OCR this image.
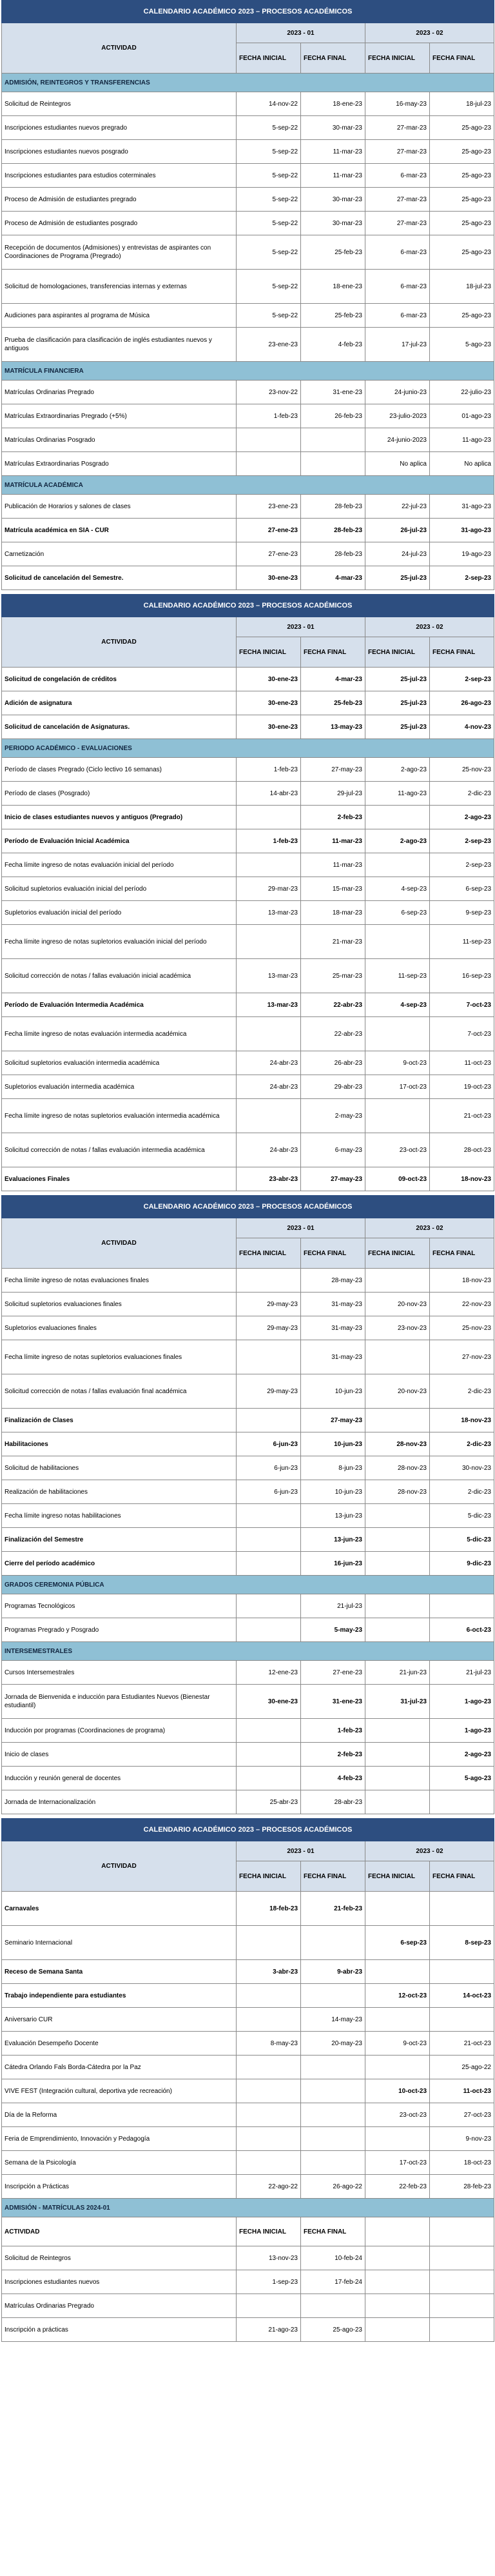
CALENDARIO ACADÉMICO 2023 – PROCESOS ACADÉMICOS				
ACTIVIDAD	2023 - 01		2023 - 02	
	FECHA INICIAL	FECHA FINAL	FECHA INICIAL	FECHA FINAL
ADMISIÓN, REINTEGROS Y TRANSFERENCIAS				
Solicitud de Reintegros	14-nov-22	18-ene-23	16-may-23	18-jul-23
Inscripciones estudiantes nuevos pregrado	5-sep-22	30-mar-23	27-mar-23	25-ago-23
Inscripciones estudiantes nuevos posgrado	5-sep-22	11-mar-23	27-mar-23	25-ago-23
Inscripciones estudiantes para estudios coterminales	5-sep-22	11-mar-23	6-mar-23	25-ago-23
Proceso de Admisión de estudiantes pregrado	5-sep-22	30-mar-23	27-mar-23	25-ago-23
Proceso de Admisión de estudiantes posgrado	5-sep-22	30-mar-23	27-mar-23	25-ago-23
Recepción de documentos (Admisiones) y entrevistas de aspirantes con Coordinaciones de Programa (Pregrado)	5-sep-22	25-feb-23	6-mar-23	25-ago-23
Solicitud de homologaciones, transferencias internas y externas	5-sep-22	18-ene-23	6-mar-23	18-jul-23
Audiciones para aspirantes al programa de Música	5-sep-22	25-feb-23	6-mar-23	25-ago-23
Prueba de clasificación para clasificación de inglés estudiantes nuevos y antiguos	23-ene-23	4-feb-23	17-jul-23	5-ago-23
MATRÍCULA FINANCIERA				
Matrículas Ordinarias Pregrado	23-nov-22	31-ene-23	24-junio-23	22-julio-23
Matrículas Extraordinarias Pregrado (+5%)	1-feb-23	26-feb-23	23-julio-2023	01-ago-23
Matrículas Ordinarias Posgrado			24-junio-2023	11-ago-23
Matrículas Extraordinarias Posgrado			No aplica	No aplica
MATRÍCULA ACADÉMICA				
Publicación de Horarios y salones de clases	23-ene-23	28-feb-23	22-jul-23	31-ago-23
Matrícula académica en SIA - CUR	27-ene-23	28-feb-23	26-jul-23	31-ago-23
Carnetización	27-ene-23	28-feb-23	24-jul-23	19-ago-23
Solicitud de cancelación del Semestre.	30-ene-23	4-mar-23	25-jul-23	2-sep-23
CALENDARIO ACADÉMICO 2023 – PROCESOS ACADÉMICOS				
ACTIVIDAD	2023 - 01		2023 - 02	
	FECHA INICIAL	FECHA FINAL	FECHA INICIAL	FECHA FINAL
Solicitud de congelación de créditos	30-ene-23	4-mar-23	25-jul-23	2-sep-23
Adición de asignatura	30-ene-23	25-feb-23	25-jul-23	26-ago-23
Solicitud de cancelación de Asignaturas.	30-ene-23	13-may-23	25-jul-23	4-nov-23
PERIODO ACADÉMICO - EVALUACIONES				
Período de clases Pregrado (Ciclo lectivo 16 semanas)	1-feb-23	27-may-23	2-ago-23	25-nov-23
Período de clases (Posgrado)	14-abr-23	29-jul-23	11-ago-23	2-dic-23
Inicio de clases estudiantes nuevos y antiguos (Pregrado)		2-feb-23		2-ago-23
Período de Evaluación Inicial Académica	1-feb-23	11-mar-23	2-ago-23	2-sep-23
Fecha límite ingreso de notas evaluación inicial del período		11-mar-23		2-sep-23
Solicitud supletorios evaluación inicial del período	29-mar-23	15-mar-23	4-sep-23	6-sep-23
Supletorios evaluación inicial del período	13-mar-23	18-mar-23	6-sep-23	9-sep-23
Fecha límite ingreso de notas supletorios evaluación inicial del período		21-mar-23		11-sep-23
Solicitud corrección de notas / fallas evaluación inicial académica	13-mar-23	25-mar-23	11-sep-23	16-sep-23
Período de Evaluación Intermedia Académica	13-mar-23	22-abr-23	4-sep-23	7-oct-23
Fecha límite ingreso de notas evaluación intermedia académica		22-abr-23		7-oct-23
Solicitud supletorios evaluación intermedia académica	24-abr-23	26-abr-23	9-oct-23	11-oct-23
Supletorios evaluación intermedia académica	24-abr-23	29-abr-23	17-oct-23	19-oct-23
Fecha límite ingreso de notas supletorios evaluación intermedia académica		2-may-23		21-oct-23
Solicitud corrección de notas / fallas evaluación intermedia académica	24-abr-23	6-may-23	23-oct-23	28-oct-23
Evaluaciones Finales	23-abr-23	27-may-23	09-oct-23	18-nov-23
CALENDARIO ACADÉMICO 2023 – PROCESOS ACADÉMICOS				
ACTIVIDAD	2023 - 01		2023 - 02	
	FECHA INICIAL	FECHA FINAL	FECHA INICIAL	FECHA FINAL
Fecha límite ingreso de notas evaluaciones finales		28-may-23		18-nov-23
Solicitud supletorios evaluaciones finales	29-may-23	31-may-23	20-nov-23	22-nov-23
Supletorios evaluaciones finales	29-may-23	31-may-23	23-nov-23	25-nov-23
Fecha límite ingreso de notas supletorios evaluaciones finales		31-may-23		27-nov-23
Solicitud corrección de notas / fallas evaluación final académica	29-may-23	10-jun-23	20-nov-23	2-dic-23
Finalización de Clases		27-may-23		18-nov-23
Habilitaciones	6-jun-23	10-jun-23	28-nov-23	2-dic-23
Solicitud de habilitaciones	6-jun-23	8-jun-23	28-nov-23	30-nov-23
Realización de habilitaciones	6-jun-23	10-jun-23	28-nov-23	2-dic-23
Fecha límite ingreso notas habilitaciones		13-jun-23		5-dic-23
Finalización del Semestre		13-jun-23		5-dic-23
Cierre del período académico		16-jun-23		9-dic-23
GRADOS CEREMONIA PÚBLICA				
Programas Tecnológicos		21-jul-23		
Programas Pregrado y Posgrado		5-may-23		6-oct-23
INTERSEMESTRALES				
Cursos Intersemestrales	12-ene-23	27-ene-23	21-jun-23	21-jul-23
Jornada de Bienvenida e inducción para Estudiantes Nuevos (Bienestar estudiantil)	30-ene-23	31-ene-23	31-jul-23	1-ago-23
Inducción por programas (Coordinaciones de programa)		1-feb-23		1-ago-23
Inicio de clases		2-feb-23		2-ago-23
Inducción y reunión general de docentes		4-feb-23		5-ago-23
Jornada de Internacionalización	25-abr-23	28-abr-23		
CALENDARIO ACADÉMICO 2023 – PROCESOS ACADÉMICOS				
ACTIVIDAD	2023 - 01		2023 - 02	
	FECHA INICIAL	FECHA FINAL	FECHA INICIAL	FECHA FINAL
Carnavales	18-feb-23	21-feb-23		
Seminario Internacional			6-sep-23	8-sep-23
Receso de Semana Santa	3-abr-23	9-abr-23		
Trabajo independiente para estudiantes			12-oct-23	14-oct-23
Aniversario CUR		14-may-23		
Evaluación Desempeño Docente	8-may-23	20-may-23	9-oct-23	21-oct-23
Cátedra Orlando Fals Borda-Cátedra por la Paz				25-ago-22
VIVE FEST (Integración cultural, deportiva yde recreación)			10-oct-23	11-oct-23
Día de la Reforma			23-oct-23	27-oct-23
Feria de Emprendimiento, Innovación y Pedagogía				9-nov-23
Semana de la Psicología			17-oct-23	18-oct-23
Inscripción a Prácticas	22-ago-22	26-ago-22	22-feb-23	28-feb-23
ADMISIÓN - MATRÍCULAS 2024-01				
ACTIVIDAD	FECHA INICIAL	FECHA FINAL		
Solicitud de Reintegros	13-nov-23	10-feb-24		
Inscripciones estudiantes nuevos	1-sep-23	17-feb-24		
Matrículas Ordinarias Pregrado				
Inscripción a prácticas	21-ago-23	25-ago-23		
